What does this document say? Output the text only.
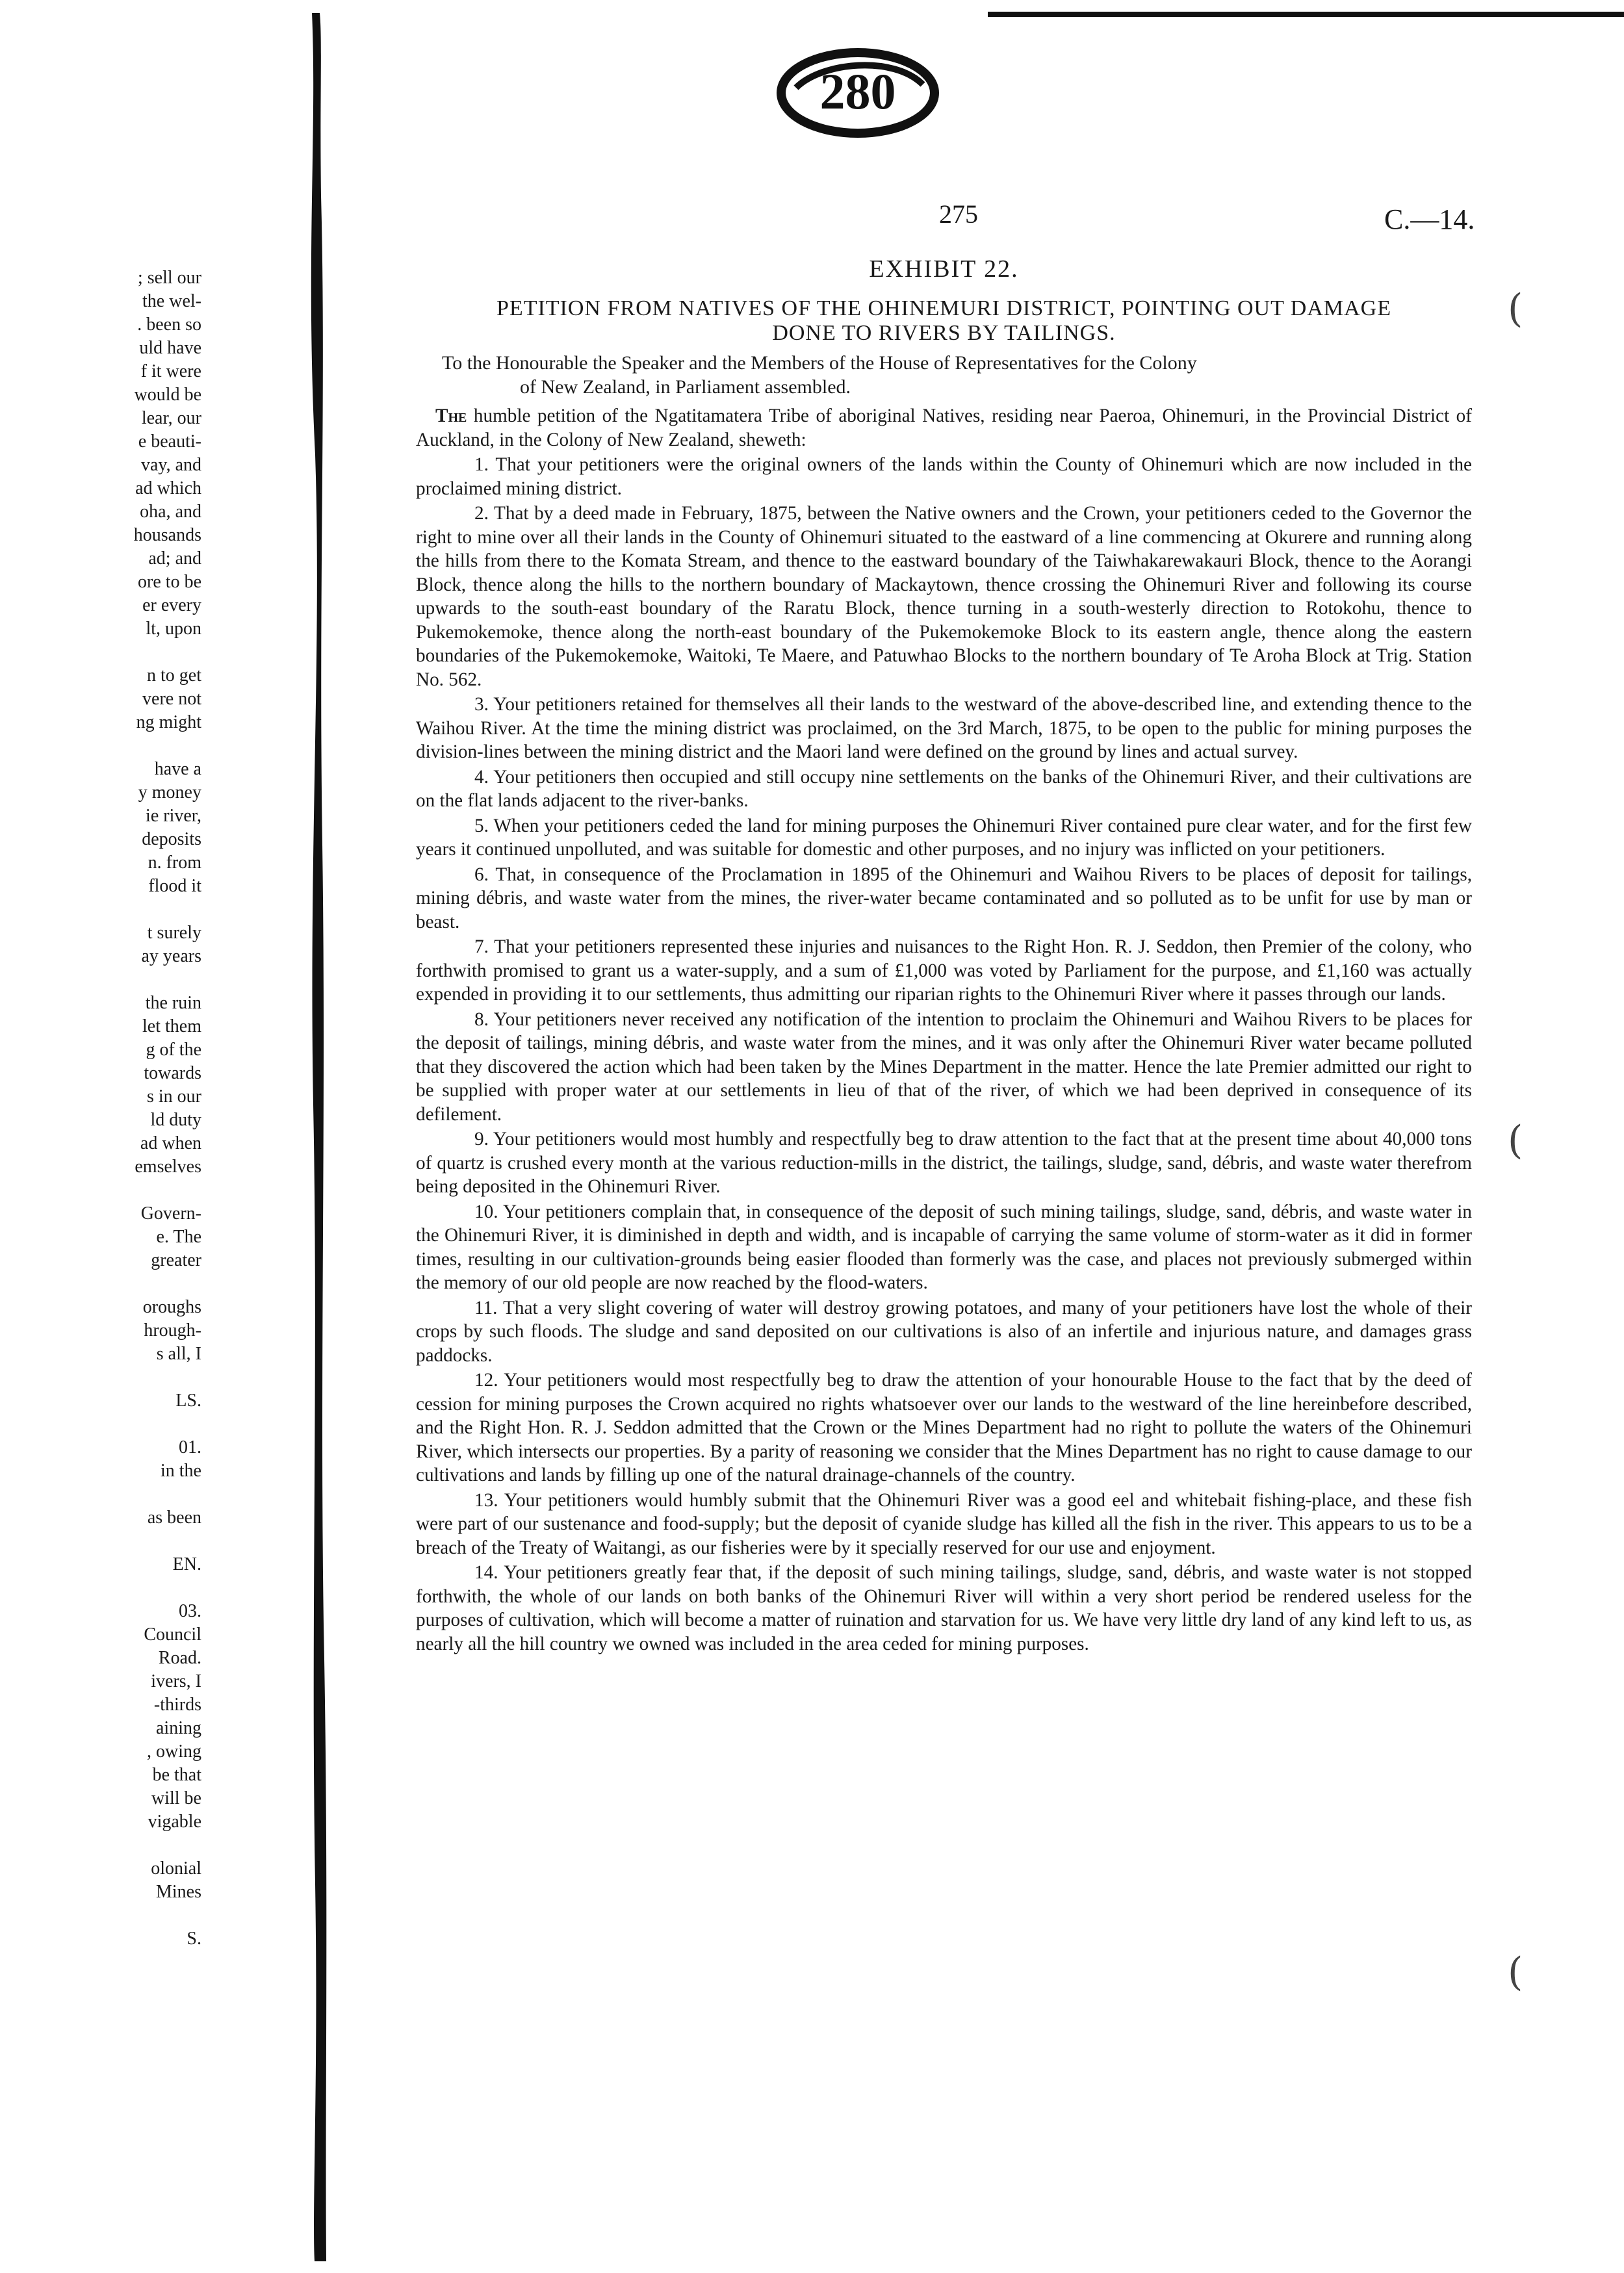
280
275	C.—14.
EXHIBIT 22.
PETITION FROM NATIVES OF THE OHINEMURI DISTRICT, POINTING OUT DAMAGE
DONE TO RIVERS BY TAILINGS.
To the Honourable the Speaker and the Members of the House of Representatives for the Colony
of New Zealand, in Parliament assembled.

The humble petition of the Ngatitamatera Tribe of aboriginal Natives, residing near Paeroa, Ohinemuri, in the Provincial District of Auckland, in the Colony of New Zealand, sheweth:

1. That your petitioners were the original owners of the lands within the County of Ohinemuri which are now included in the proclaimed mining district.

2. That by a deed made in February, 1875, between the Native owners and the Crown, your petitioners ceded to the Governor the right to mine over all their lands in the County of Ohinemuri situated to the eastward of a line commencing at Okurere and running along the hills from there to the Komata Stream, and thence to the eastward boundary of the Taiwhakarewakauri Block, thence to the Aorangi Block, thence along the hills to the northern boundary of Mackaytown, thence crossing the Ohinemuri River and following its course upwards to the south-east boundary of the Raratu Block, thence turning in a south-westerly direction to Rotokohu, thence to Pukemokemoke, thence along the north-east boundary of the Pukemokemoke Block to its eastern angle, thence along the eastern boundaries of the Pukemokemoke, Waitoki, Te Maere, and Patuwhao Blocks to the northern boundary of Te Aroha Block at Trig. Station No. 562.

3. Your petitioners retained for themselves all their lands to the westward of the above-described line, and extending thence to the Waihou River. At the time the mining district was proclaimed, on the 3rd March, 1875, to be open to the public for mining purposes the division-lines between the mining district and the Maori land were defined on the ground by lines and actual survey.

4. Your petitioners then occupied and still occupy nine settlements on the banks of the Ohinemuri River, and their cultivations are on the flat lands adjacent to the river-banks.

5. When your petitioners ceded the land for mining purposes the Ohinemuri River contained pure clear water, and for the first few years it continued unpolluted, and was suitable for domestic and other purposes, and no injury was inflicted on your petitioners.

6. That, in consequence of the Proclamation in 1895 of the Ohinemuri and Waihou Rivers to be places of deposit for tailings, mining débris, and waste water from the mines, the river-water became contaminated and so polluted as to be unfit for use by man or beast.

7. That your petitioners represented these injuries and nuisances to the Right Hon. R. J. Seddon, then Premier of the colony, who forthwith promised to grant us a water-supply, and a sum of £1,000 was voted by Parliament for the purpose, and £1,160 was actually expended in providing it to our settlements, thus admitting our riparian rights to the Ohinemuri River where it passes through our lands.

8. Your petitioners never received any notification of the intention to proclaim the Ohinemuri and Waihou Rivers to be places for the deposit of tailings, mining débris, and waste water from the mines, and it was only after the Ohinemuri River water became polluted that they discovered the action which had been taken by the Mines Department in the matter. Hence the late Premier admitted our right to be supplied with proper water at our settlements in lieu of that of the river, of which we had been deprived in consequence of its defilement.

9. Your petitioners would most humbly and respectfully beg to draw attention to the fact that at the present time about 40,000 tons of quartz is crushed every month at the various reduction-mills in the district, the tailings, sludge, sand, débris, and waste water therefrom being deposited in the Ohinemuri River.

10. Your petitioners complain that, in consequence of the deposit of such mining tailings, sludge, sand, débris, and waste water in the Ohinemuri River, it is diminished in depth and width, and is incapable of carrying the same volume of storm-water as it did in former times, resulting in our cultivation-grounds being easier flooded than formerly was the case, and places not previously submerged within the memory of our old people are now reached by the flood-waters.

11. That a very slight covering of water will destroy growing potatoes, and many of your petitioners have lost the whole of their crops by such floods. The sludge and sand deposited on our cultivations is also of an infertile and injurious nature, and damages grass paddocks.

12. Your petitioners would most respectfully beg to draw the attention of your honourable House to the fact that by the deed of cession for mining purposes the Crown acquired no rights whatsoever over our lands to the westward of the line hereinbefore described, and the Right Hon. R. J. Seddon admitted that the Crown or the Mines Department had no right to pollute the waters of the Ohinemuri River, which intersects our properties. By a parity of reasoning we consider that the Mines Department has no right to cause damage to our cultivations and lands by filling up one of the natural drainage-channels of the country.

13. Your petitioners would humbly submit that the Ohinemuri River was a good eel and whitebait fishing-place, and these fish were part of our sustenance and food-supply; but the deposit of cyanide sludge has killed all the fish in the river. This appears to us to be a breach of the Treaty of Waitangi, as our fisheries were by it specially reserved for our use and enjoyment.

14. Your petitioners greatly fear that, if the deposit of such mining tailings, sludge, sand, débris, and waste water is not stopped forthwith, the whole of our lands on both banks of the Ohinemuri River will within a very short period be rendered useless for the purposes of cultivation, which will become a matter of ruination and starvation for us. We have very little dry land of any kind left to us, as nearly all the hill country we owned was included in the area ceded for mining purposes.

; sell our
the wel-
. been so
uld have
f it were
would be
lear, our
e beauti-
vay, and
ad which
oha, and
housands
ad; and
ore to be
er every
lt, upon

n to get
vere not
ng might

have a
y money
ie river,
deposits
n. from
flood it

t surely
ay years

the ruin
let them
g of the
towards
s in our
ld duty
ad when
emselves

Govern-
e. The
greater

oroughs
hrough-
s all, I

LS.

01.
in the

as been

EN.

03.
Council
Road.
ivers, I
-thirds
aining
, owing
be that
will be
vigable

olonial
Mines

S.
(
(
(
